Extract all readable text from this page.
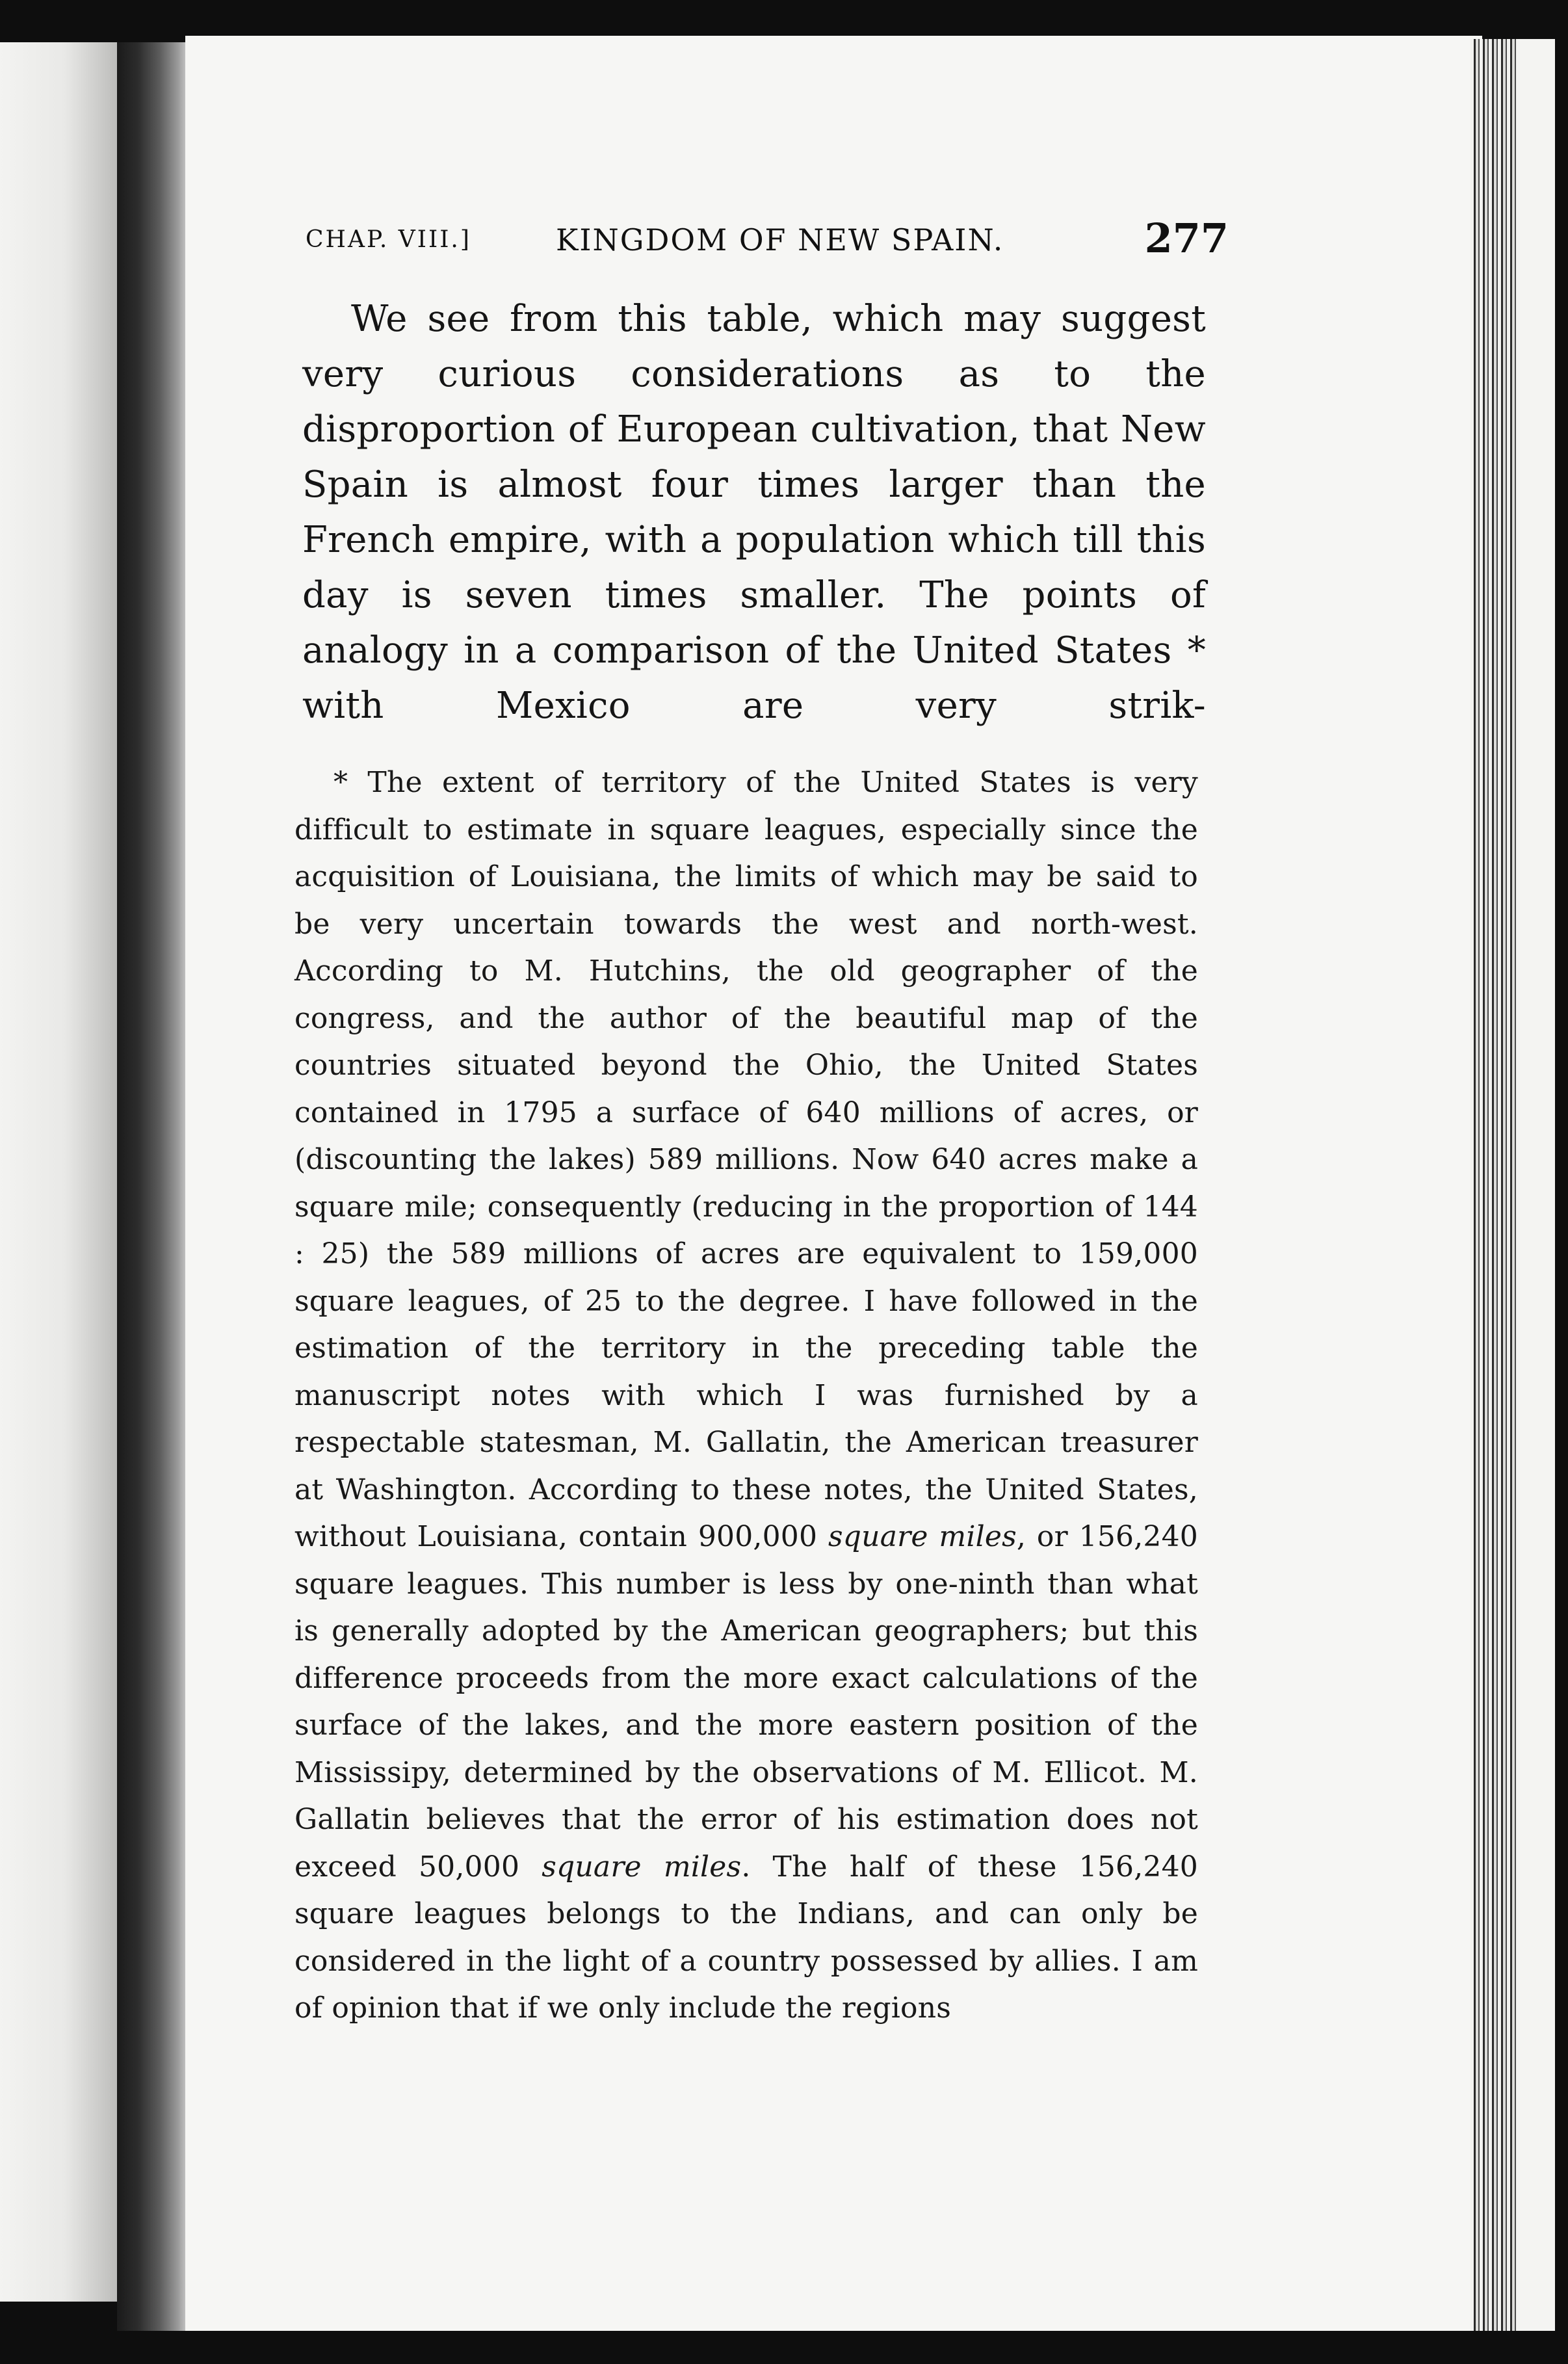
CHAP. VIII.]	KINGDOM OF NEW SPAIN.	277

We see from this table, which may suggest very curious considerations as to the disproportion of European cultivation, that New Spain is almost four times larger than the French empire, with a population which till this day is seven times smaller. The points of analogy in a comparison of the United States * with Mexico are very strik-

* The extent of territory of the United States is very difficult to estimate in square leagues, especially since the acquisition of Louisiana, the limits of which may be said to be very uncertain towards the west and north-west. According to M. Hutchins, the old geographer of the congress, and the author of the beautiful map of the countries situated beyond the Ohio, the United States contained in 1795 a surface of 640 millions of acres, or (discounting the lakes) 589 millions. Now 640 acres make a square mile; consequently (reducing in the proportion of 144 : 25) the 589 millions of acres are equivalent to 159,000 square leagues, of 25 to the degree. I have followed in the estimation of the territory in the preceding table the manuscript notes with which I was furnished by a respectable statesman, M. Gallatin, the American treasurer at Washington. According to these notes, the United States, without Louisiana, contain 900,000 square miles, or 156,240 square leagues. This number is less by one-ninth than what is generally adopted by the American geographers; but this difference proceeds from the more exact calculations of the surface of the lakes, and the more eastern position of the Mississipy, determined by the observations of M. Ellicot. M. Gallatin believes that the error of his estimation does not exceed 50,000 square miles. The half of these 156,240 square leagues belongs to the Indians, and can only be considered in the light of a country possessed by allies. I am of opinion that if we only include the regions
